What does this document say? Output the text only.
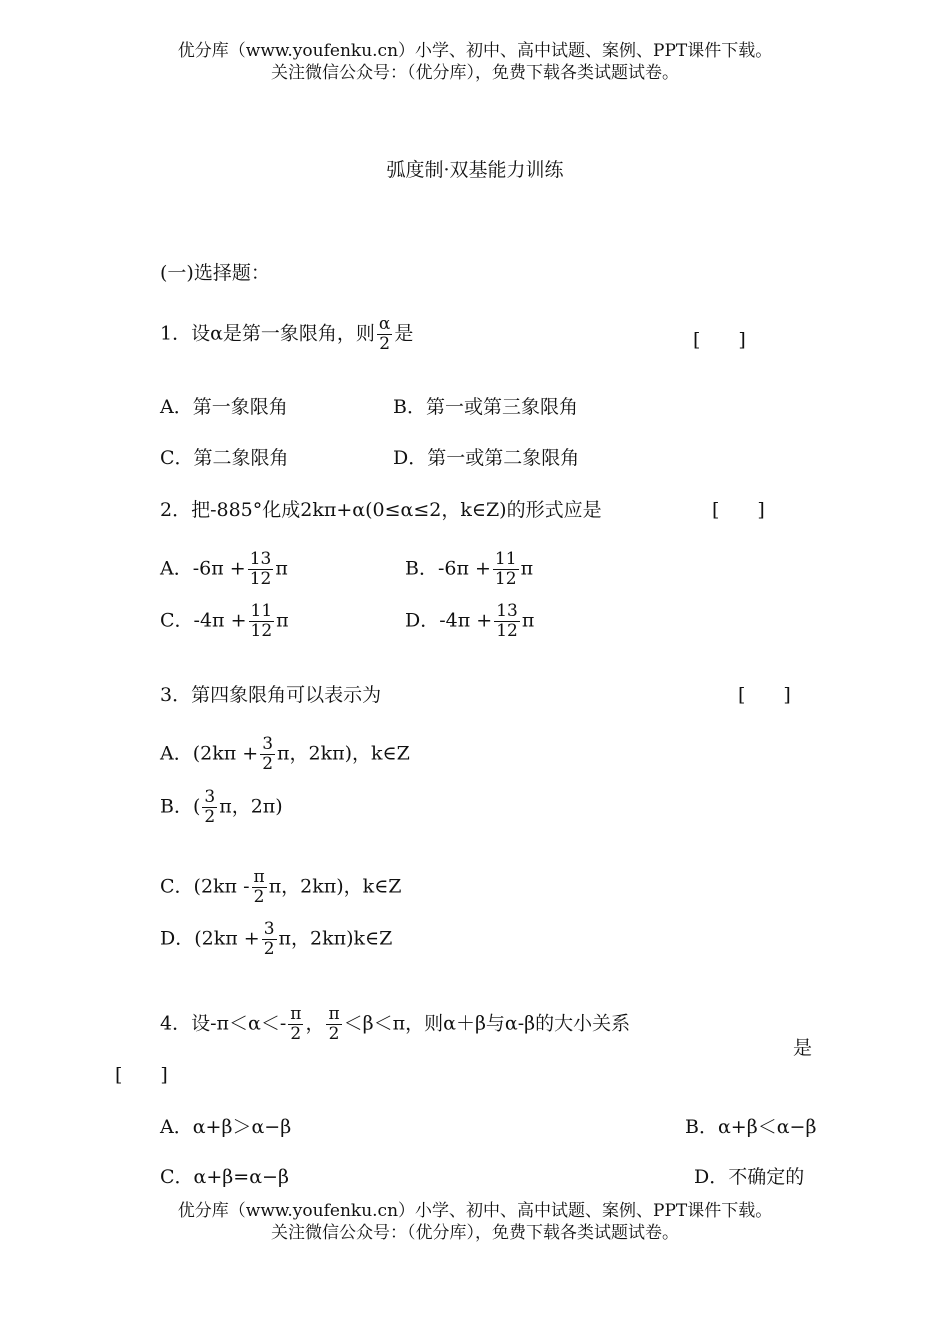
优分库（www.youfenku.cn）小学、初中、高中试题、案例、PPT课件下载。
关注微信公众号：（优分库），免费下载各类试题试卷。
弧度制·双基能力训练
(一)选择题：
1．设α是第一象限角，则 $\frac{\alpha}{2}$ 是	[　　]
A．第一象限角	B．第一或第三象限角
C．第二象限角	D．第一或第二象限角
2．把-885°化成2kπ+α(0≤α≤2，k∈Z)的形式应是	[　　]
A．$-6\pi + \frac{13}{12}$ π	B．$-6\pi + \frac{11}{12}$ π
C．$-4\pi + \frac{11}{12}$ π	D．$-4\pi + \frac{13}{12}$ π
3．第四象限角可以表示为	[　　]
A．($2k\pi + \frac{3}{2}$ π，2kπ)，k∈Z
B．( $\frac{3}{2}$ π，2π)
C．($2k\pi - \frac{\pi}{2}$ π，2kπ)，k∈Z
D．($2k\pi + \frac{3}{2}$ π，2kπ)k∈Z
4．设$-\pi<\alpha<- \frac{\pi}{2}$ ， $\frac{\pi}{2} <\beta<\pi$，则α＋β与α-β的大小关系
是
[　　]
A．α+β＞α−β	B．α+β＜α−β
C．α+β=α−β	D．不确定的
优分库（www.youfenku.cn）小学、初中、高中试题、案例、PPT课件下载。
关注微信公众号：（优分库），免费下载各类试题试卷。
